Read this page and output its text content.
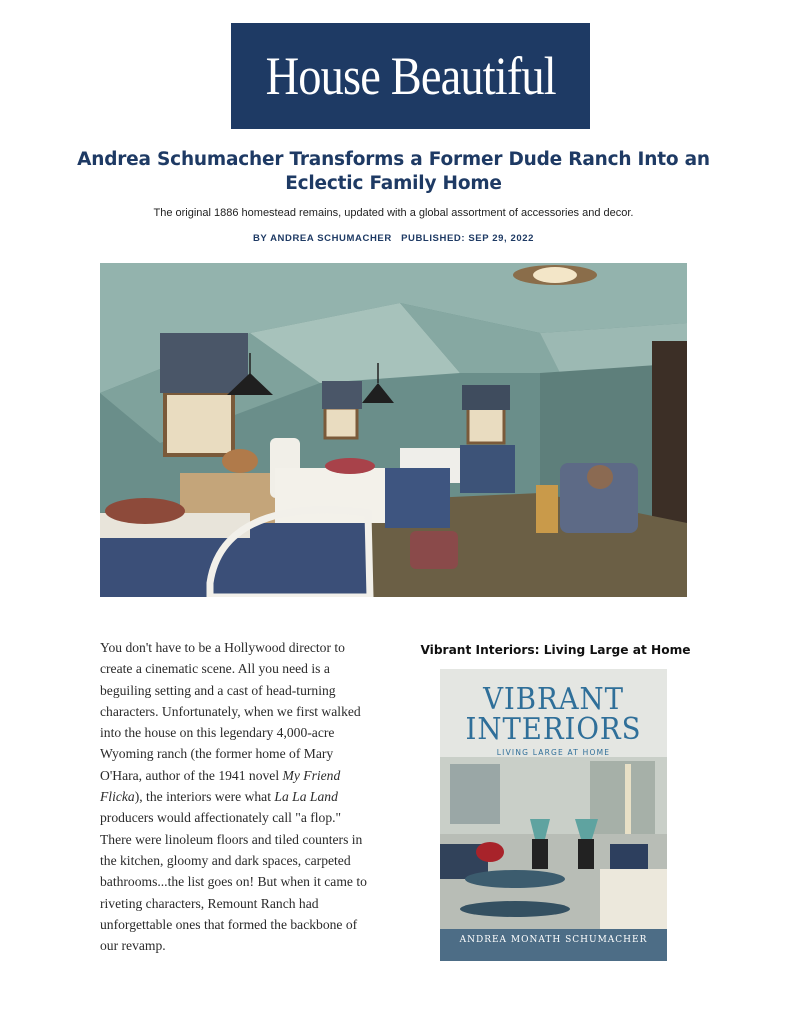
House Beautiful
Andrea Schumacher Transforms a Former Dude Ranch Into an
Eclectic Family Home
The original 1886 homestead remains, updated with a global assortment of accessories and decor.
BY ANDREA SCHUMACHER PUBLISHED: SEP 29, 2022

You don't have to be a Hollywood director to create a cinematic scene. All you need is a beguiling setting and a cast of head-turning characters. Unfortunately, when we first walked into the house on this legendary 4,000-acre Wyoming ranch (the former home of Mary O'Hara, author of the 1941 novel My Friend Flicka), the interiors were what La La Land producers would affectionately call "a flop." There were linoleum floors and tiled counters in the kitchen, gloomy and dark spaces, carpeted bathrooms...the list goes on! But when it came to riveting characters, Remount Ranch had unforgettable ones that formed the backbone of our revamp.

Vibrant Interiors: Living Large at Home
VIBRANT
INTERIORS
LIVING LARGE AT HOME
ANDREA MONATH SCHUMACHER
